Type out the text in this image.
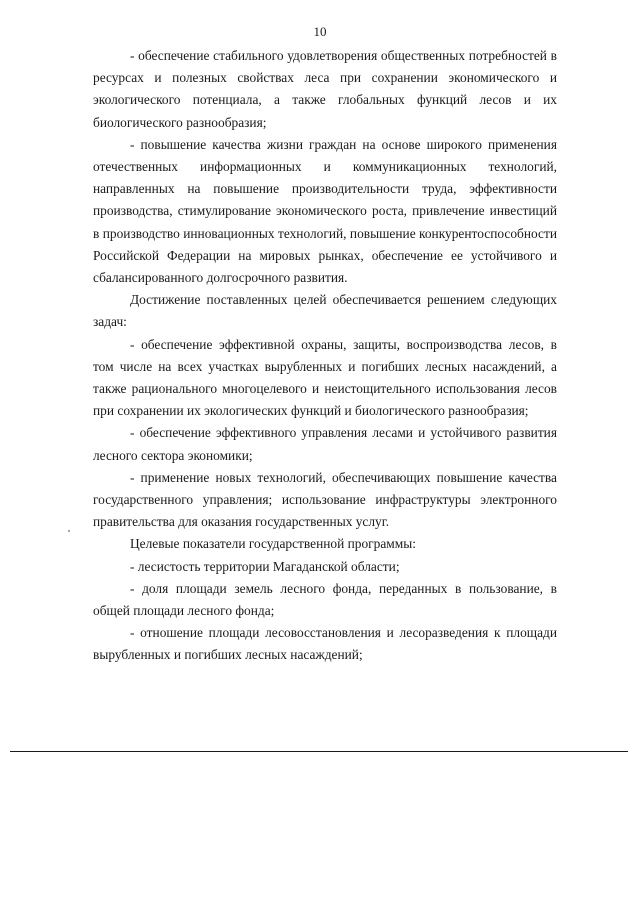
10

- обеспечение стабильного удовлетворения общественных потребностей в ресурсах и полезных свойствах леса при сохранении экономического и экологического потенциала, а также глобальных функций лесов и их биологического разнообразия;

- повышение качества жизни граждан на основе широкого применения отечественных информационных и коммуникационных технологий, направленных на повышение производительности труда, эффективности производства, стимулирование экономического роста, привлечение инвестиций в производство инновационных технологий, повышение конкурентоспособности Российской Федерации на мировых рынках, обеспечение ее устойчивого и сбалансированного долгосрочного развития.

Достижение поставленных целей обеспечивается решением следующих задач:

- обеспечение эффективной охраны, защиты, воспроизводства лесов, в том числе на всех участках вырубленных и погибших лесных насаждений, а также рационального многоцелевого и неистощительного использования лесов при сохранении их экологических функций и биологического разнообразия;

- обеспечение эффективного управления лесами и устойчивого развития лесного сектора экономики;

- применение новых технологий, обеспечивающих повышение качества государственного управления; использование инфраструктуры электронного правительства для оказания государственных услуг.

Целевые показатели государственной программы:

- лесистость территории Магаданской области;

- доля площади земель лесного фонда, переданных в пользование, в общей площади лесного фонда;

- отношение площади лесовосстановления и лесоразведения к площади вырубленных и погибших лесных насаждений;
